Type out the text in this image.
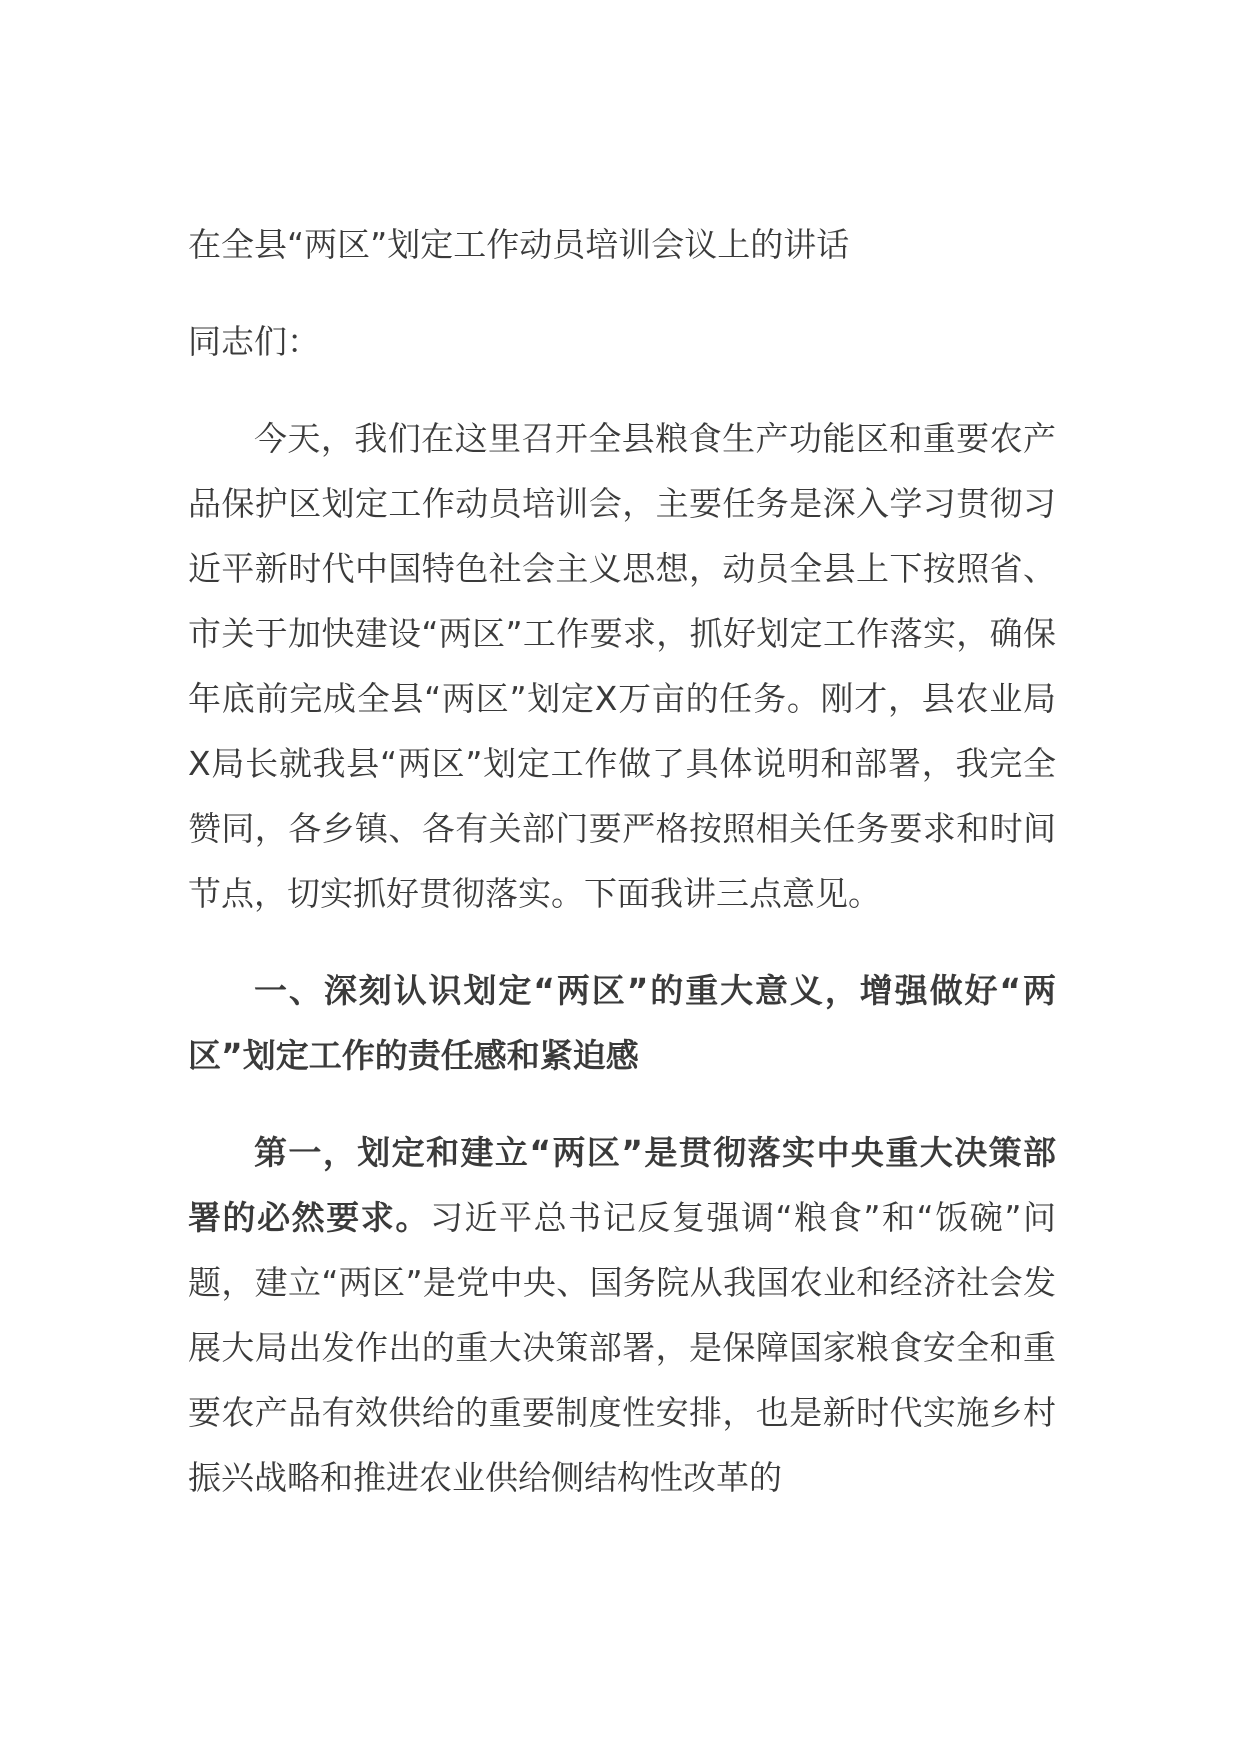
在全县“两区”划定工作动员培训会议上的讲话

同志们：

今天，我们在这里召开全县粮食生产功能区和重要农产品保护区划定工作动员培训会，主要任务是深入学习贯彻习近平新时代中国特色社会主义思想，动员全县上下按照省、市关于加快建设“两区”工作要求，抓好划定工作落实，确保年底前完成全县“两区”划定X万亩的任务。刚才，县农业局X局长就我县“两区”划定工作做了具体说明和部署，我完全赞同，各乡镇、各有关部门要严格按照相关任务要求和时间节点，切实抓好贯彻落实。下面我讲三点意见。

一、深刻认识划定“两区”的重大意义，增强做好“两区”划定工作的责任感和紧迫感

第一，划定和建立“两区”是贯彻落实中央重大决策部署的必然要求。习近平总书记反复强调“粮食”和“饭碗”问题，建立“两区”是党中央、国务院从我国农业和经济社会发展大局出发作出的重大决策部署，是保障国家粮食安全和重要农产品有效供给的重要制度性安排，也是新时代实施乡村振兴战略和推进农业供给侧结构性改革的
